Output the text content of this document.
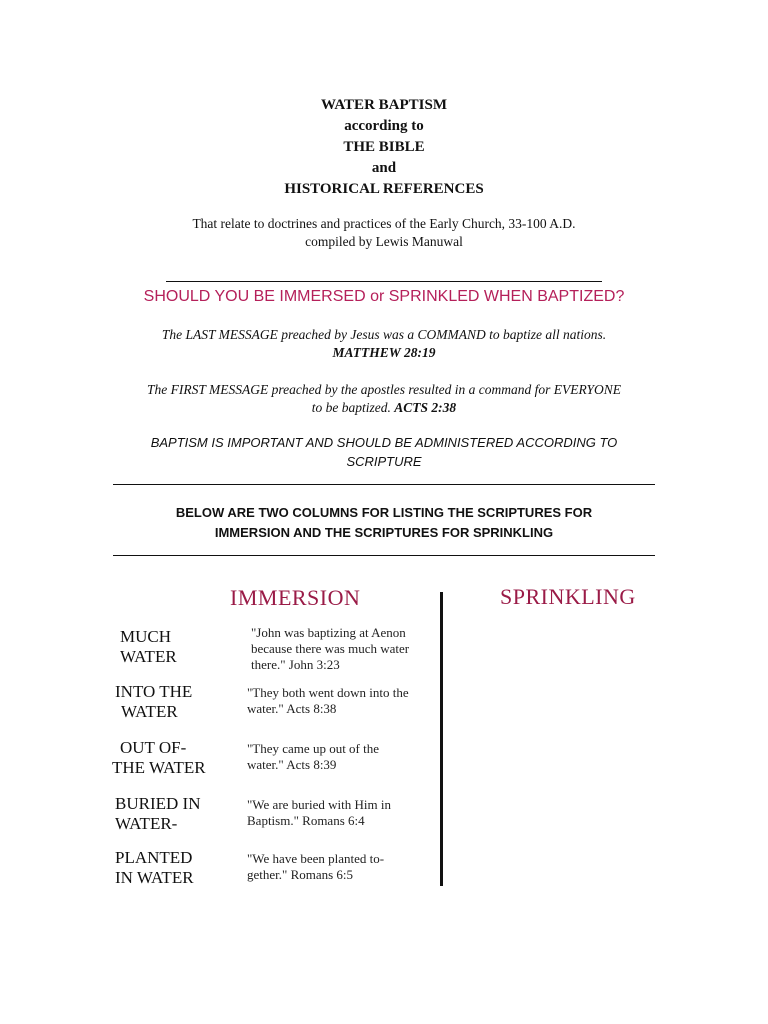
WATER BAPTISM
according to
THE BIBLE
and
HISTORICAL REFERENCES
That relate to doctrines and practices of the Early Church, 33-100 A.D.
compiled by Lewis Manuwal
SHOULD YOU BE IMMERSED or SPRINKLED WHEN BAPTIZED?
The LAST MESSAGE preached by Jesus was a COMMAND to baptize all nations.
MATTHEW 28:19
The FIRST MESSAGE preached by the apostles resulted in a command for EVERYONE
to be baptized. ACTS 2:38
BAPTISM IS IMPORTANT AND SHOULD BE ADMINISTERED ACCORDING TO
SCRIPTURE
BELOW ARE TWO COLUMNS FOR LISTING THE SCRIPTURES FOR
IMMERSION AND THE SCRIPTURES FOR SPRINKLING
IMMERSION	SPRINKLING
MUCH
WATER
"John was baptizing at Aenon
because there was much water
there." John 3:23
INTO THE
WATER
"They both went down into the
water." Acts 8:38
OUT OF-
THE WATER
"They came up out of the
water." Acts 8:39
BURIED IN
WATER-
"We are buried with Him in
Baptism." Romans 6:4
PLANTED
IN WATER
"We have been planted to-
gether." Romans 6:5
